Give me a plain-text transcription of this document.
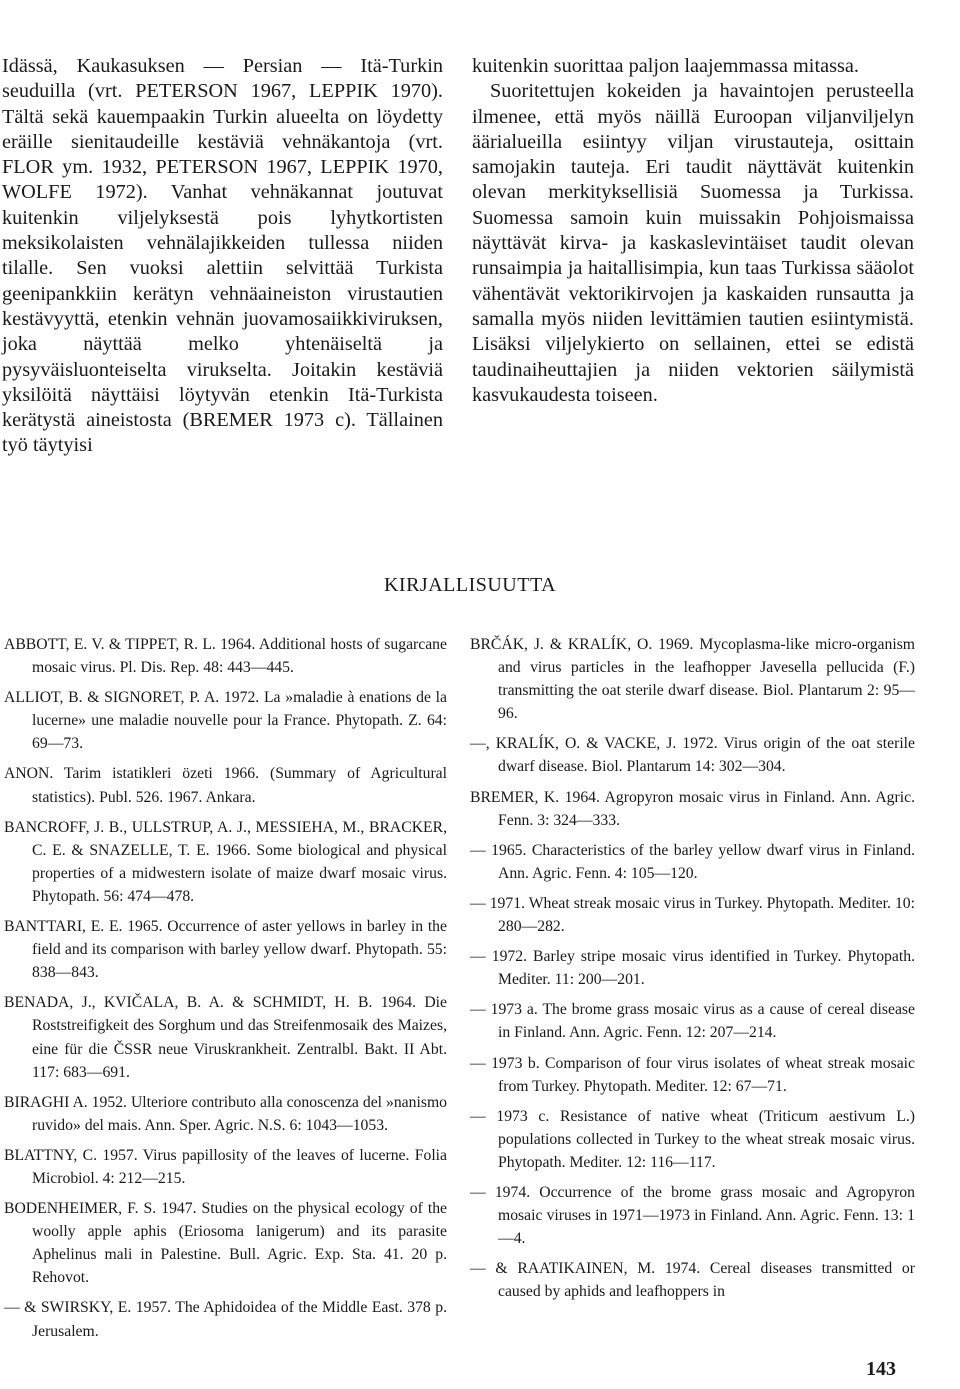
Idässä, Kaukasuksen — Persian — Itä-Turkin seuduilla (vrt. PETERSON 1967, LEPPIK 1970). Tältä sekä kauempaakin Turkin alueelta on löydetty eräille sienitaudeille kestäviä vehnäkantoja (vrt. FLOR ym. 1932, PETERSON 1967, LEPPIK 1970, WOLFE 1972). Vanhat vehnäkannat joutuvat kuitenkin viljelyksestä pois lyhytkortisten meksikolaisten vehnälajikkeiden tullessa niiden tilalle. Sen vuoksi alettiin selvittää Turkista geenipankkiin kerätyn vehnäaineiston virustautien kestävyyttä, etenkin vehnän juovamosaiikkiviruksen, joka näyttää melko yhtenäiseltä ja pysyväisluonteiselta virukselta. Joitakin kestäviä yksilöitä näyttäisi löytyvän etenkin Itä-Turkista kerätystä aineistosta (BREMER 1973 c). Tällainen työ täytyisi

kuitenkin suorittaa paljon laajemmassa mitassa.

Suoritettujen kokeiden ja havaintojen perusteella ilmenee, että myös näillä Euroopan viljanviljelyn äärialueilla esiintyy viljan virustauteja, osittain samojakin tauteja. Eri taudit näyttävät kuitenkin olevan merkityksellisiä Suomessa ja Turkissa. Suomessa samoin kuin muissakin Pohjoismaissa näyttävät kirva- ja kaskaslevintäiset taudit olevan runsaimpia ja haitallisimpia, kun taas Turkissa sääolot vähentävät vektorikirvojen ja kaskaiden runsautta ja samalla myös niiden levittämien tautien esiintymistä. Lisäksi viljelykierto on sellainen, ettei se edistä taudinaiheuttajien ja niiden vektorien säilymistä kasvukaudesta toiseen.

KIRJALLISUUTTA

ABBOTT, E. V. & TIPPET, R. L. 1964. Additional hosts of sugarcane mosaic virus. Pl. Dis. Rep. 48: 443—445.

ALLIOT, B. & SIGNORET, P. A. 1972. La »maladie à enations de la lucerne» une maladie nouvelle pour la France. Phytopath. Z. 64: 69—73.

ANON. Tarim istatikleri özeti 1966. (Summary of Agricultural statistics). Publ. 526. 1967. Ankara.

BANCROFF, J. B., ULLSTRUP, A. J., MESSIEHA, M., BRACKER, C. E. & SNAZELLE, T. E. 1966. Some biological and physical properties of a midwestern isolate of maize dwarf mosaic virus. Phytopath. 56: 474—478.

BANTTARI, E. E. 1965. Occurrence of aster yellows in barley in the field and its comparison with barley yellow dwarf. Phytopath. 55: 838—843.

BENADA, J., KVIČALA, B. A. & SCHMIDT, H. B. 1964. Die Roststreifigkeit des Sorghum und das Streifenmosaik des Maizes, eine für die ČSSR neue Viruskrankheit. Zentralbl. Bakt. II Abt. 117: 683—691.

BIRAGHI A. 1952. Ulteriore contributo alla conoscenza del »nanismo ruvido» del mais. Ann. Sper. Agric. N.S. 6: 1043—1053.

BLATTNY, C. 1957. Virus papillosity of the leaves of lucerne. Folia Microbiol. 4: 212—215.

BODENHEIMER, F. S. 1947. Studies on the physical ecology of the woolly apple aphis (Eriosoma lanigerum) and its parasite Aphelinus mali in Palestine. Bull. Agric. Exp. Sta. 41. 20 p. Rehovot.

— & SWIRSKY, E. 1957. The Aphidoidea of the Middle East. 378 p. Jerusalem.

BRČÁK, J. & KRALÍK, O. 1969. Mycoplasma-like micro-organism and virus particles in the leafhopper Javesella pellucida (F.) transmitting the oat sterile dwarf disease. Biol. Plantarum 2: 95—96.

—, KRALÍK, O. & VACKE, J. 1972. Virus origin of the oat sterile dwarf disease. Biol. Plantarum 14: 302—304.

BREMER, K. 1964. Agropyron mosaic virus in Finland. Ann. Agric. Fenn. 3: 324—333.

— 1965. Characteristics of the barley yellow dwarf virus in Finland. Ann. Agric. Fenn. 4: 105—120.

— 1971. Wheat streak mosaic virus in Turkey. Phytopath. Mediter. 10: 280—282.

— 1972. Barley stripe mosaic virus identified in Turkey. Phytopath. Mediter. 11: 200—201.

— 1973 a. The brome grass mosaic virus as a cause of cereal disease in Finland. Ann. Agric. Fenn. 12: 207—214.

— 1973 b. Comparison of four virus isolates of wheat streak mosaic from Turkey. Phytopath. Mediter. 12: 67—71.

— 1973 c. Resistance of native wheat (Triticum aestivum L.) populations collected in Turkey to the wheat streak mosaic virus. Phytopath. Mediter. 12: 116—117.

— 1974. Occurrence of the brome grass mosaic and Agropyron mosaic viruses in 1971—1973 in Finland. Ann. Agric. Fenn. 13: 1—4.

— & RAATIKAINEN, M. 1974. Cereal diseases transmitted or caused by aphids and leafhoppers in

143
